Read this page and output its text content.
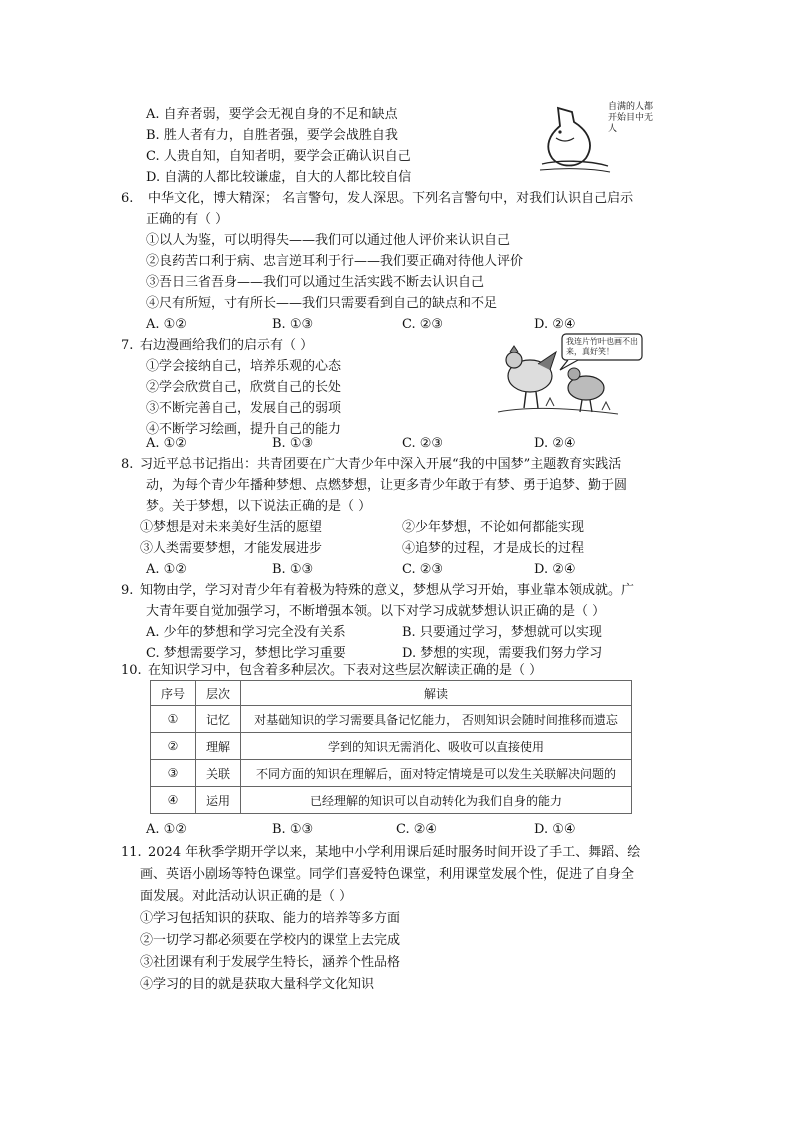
A. 自弃者弱，要学会无视自身的不足和缺点
B. 胜人者有力，自胜者强，要学会战胜自我
C. 人贵自知，自知者明，要学会正确认识自己
D. 自满的人都比较谦虚，自大的人都比较自信
自满的人都开始目中无人
6. 中华文化，博大精深； 名言警句，发人深思。下列名言警句中，对我们认识自己启示
正确的有（ ）
①以人为鉴，可以明得失——我们可以通过他人评价来认识自己
②良药苦口利于病、忠言逆耳利于行——我们要正确对待他人评价
③吾日三省吾身——我们可以通过生活实践不断去认识自己
④尺有所短，寸有所长——我们只需要看到自己的缺点和不足
A. ①②	B. ①③	C. ②③	D. ②④
7. 右边漫画给我们的启示有（ ）
①学会接纳自己，培养乐观的心态
②学会欣赏自己，欣赏自己的长处
③不断完善自己，发展自己的弱项
④不断学习绘画，提升自己的能力
我连片竹叶也画不出来，真好笑！
A. ①②	B. ①③	C. ②③	D. ②④
8. 习近平总书记指出：共青团要在广大青少年中深入开展“我的中国梦”主题教育实践活
动，为每个青少年播种梦想、点燃梦想，让更多青少年敢于有梦、勇于追梦、勤于圆
梦。关于梦想，以下说法正确的是（ ）
①梦想是对未来美好生活的愿望	②少年梦想，不论如何都能实现
③人类需要梦想，才能发展进步	④追梦的过程，才是成长的过程
A. ①②	B. ①③	C. ②③	D. ②④
9. 知物由学，学习对青少年有着极为特殊的意义，梦想从学习开始，事业靠本领成就。广
大青年要自觉加强学习，不断增强本领。以下对学习成就梦想认识正确的是（ ）
A. 少年的梦想和学习完全没有关系	B. 只要通过学习，梦想就可以实现
C. 梦想需要学习，梦想比学习重要	D. 梦想的实现，需要我们努力学习
10. 在知识学习中，包含着多种层次。下表对这些层次解读正确的是（ ）
序号	层次	解读
①	记忆	对基础知识的学习需要具备记忆能力， 否则知识会随时间推移而遗忘
②	理解	学到的知识无需消化、吸收可以直接使用
③	关联	不同方面的知识在理解后，面对特定情境是可以发生关联解决问题的
④	运用	已经理解的知识可以自动转化为我们自身的能力
A. ①②	B. ①③	C. ②④	D. ①④
11. 2024 年秋季学期开学以来，某地中小学利用课后延时服务时间开设了手工、舞蹈、绘
画、英语小剧场等特色课堂。同学们喜爱特色课堂，利用课堂发展个性，促进了自身全
面发展。对此活动认识正确的是（ ）
①学习包括知识的获取、能力的培养等多方面
②一切学习都必须要在学校内的课堂上去完成
③社团课有利于发展学生特长，涵养个性品格
④学习的目的就是获取大量科学文化知识
